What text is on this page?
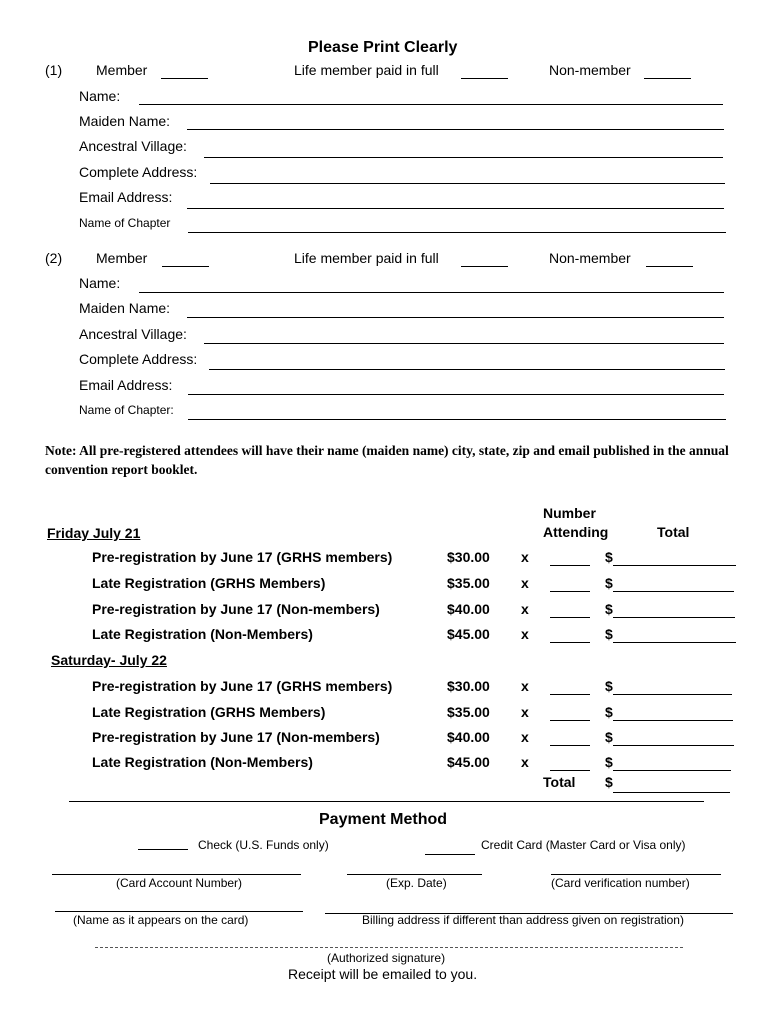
Please Print Clearly
(1) Member	Life member paid in full	Non-member
Name:
Maiden Name:
Ancestral Village:
Complete Address:
Email Address:
Name of Chapter
(2) Member	Life member paid in full	Non-member
Name:
Maiden Name:
Ancestral Village:
Complete Address:
Email Address:
Name of Chapter:
Note: All pre-registered attendees will have their name (maiden name) city, state, zip and email published in the annual convention report booklet.
Number
Attending	Total
Friday July 21
Saturday- July 22
Pre-registration by June 17 (GRHS members)	$30.00 x	$
Late Registration (GRHS Members)	$35.00 x	$
Pre-registration by June 17 (Non-members)	$40.00 x	$
Late Registration (Non-Members)	$45.00 x	$
Pre-registration by June 17 (GRHS members)	$30.00 x	$
Late Registration (GRHS Members)	$35.00 x	$
Pre-registration by June 17 (Non-members)	$40.00 x	$
Late Registration (Non-Members)	$45.00 x	$
Total $
Payment Method
Check (U.S. Funds only)	Credit Card (Master Card or Visa only)
(Card Account Number)	(Exp. Date)	(Card verification number)
(Name as it appears on the card)	Billing address if different than address given on registration)
(Authorized signature)
Receipt will be emailed to you.
